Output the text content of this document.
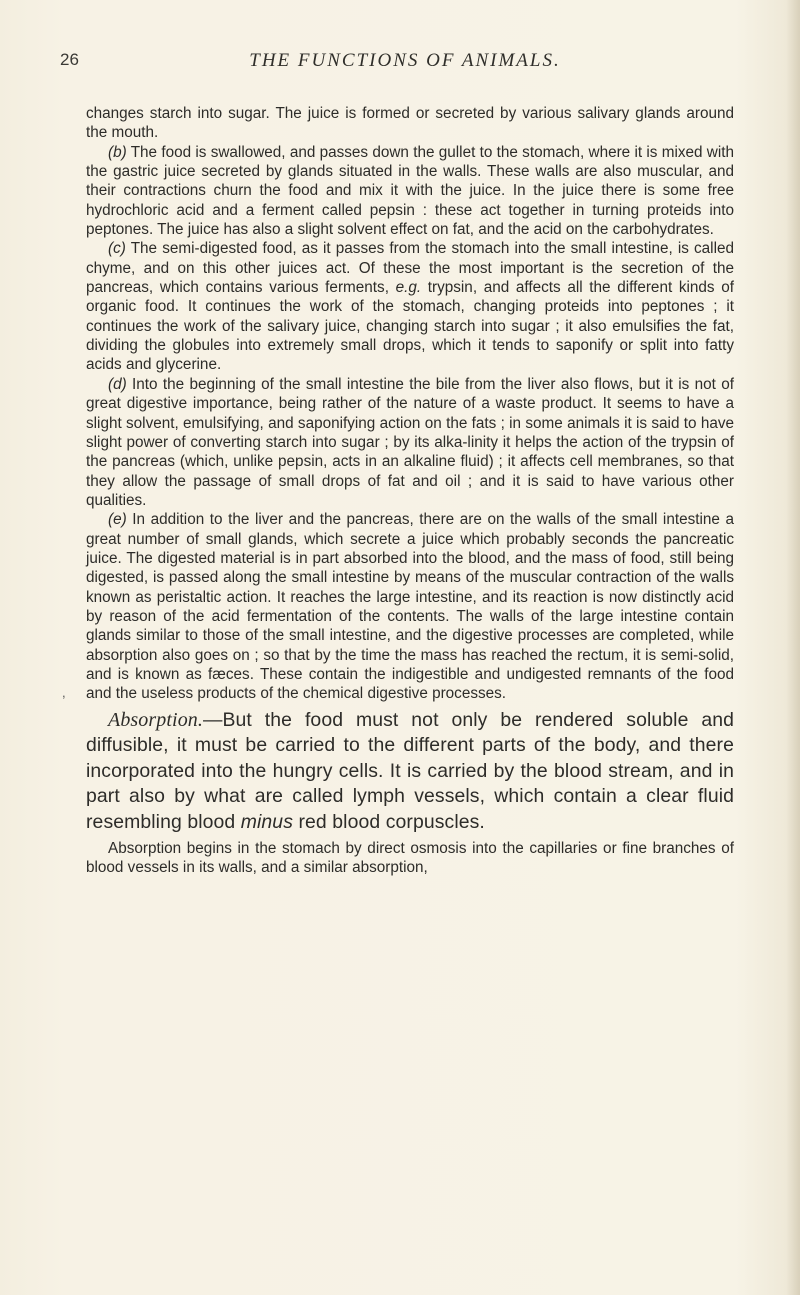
26	THE FUNCTIONS OF ANIMALS.
,

changes starch into sugar. The juice is formed or secreted by various salivary glands around the mouth.

(b) The food is swallowed, and passes down the gullet to the stomach, where it is mixed with the gastric juice secreted by glands situated in the walls. These walls are also muscular, and their contractions churn the food and mix it with the juice. In the juice there is some free hydrochloric acid and a ferment called pepsin : these act together in turning proteids into peptones. The juice has also a slight solvent effect on fat, and the acid on the carbohydrates.

(c) The semi-digested food, as it passes from the stomach into the small intestine, is called chyme, and on this other juices act. Of these the most important is the secretion of the pancreas, which contains various ferments, e.g. trypsin, and affects all the different kinds of organic food. It continues the work of the stomach, changing proteids into peptones ; it continues the work of the salivary juice, changing starch into sugar ; it also emulsifies the fat, dividing the globules into extremely small drops, which it tends to saponify or split into fatty acids and glycerine.

(d) Into the beginning of the small intestine the bile from the liver also flows, but it is not of great digestive importance, being rather of the nature of a waste product. It seems to have a slight solvent, emulsifying, and saponifying action on the fats ; in some animals it is said to have slight power of converting starch into sugar ; by its alka-linity it helps the action of the trypsin of the pancreas (which, unlike pepsin, acts in an alkaline fluid) ; it affects cell membranes, so that they allow the passage of small drops of fat and oil ; and it is said to have various other qualities.

(e) In addition to the liver and the pancreas, there are on the walls of the small intestine a great number of small glands, which secrete a juice which probably seconds the pancreatic juice. The digested material is in part absorbed into the blood, and the mass of food, still being digested, is passed along the small intestine by means of the muscular contraction of the walls known as peristaltic action. It reaches the large intestine, and its reaction is now distinctly acid by reason of the acid fermentation of the contents. The walls of the large intestine contain glands similar to those of the small intestine, and the digestive processes are completed, while absorption also goes on ; so that by the time the mass has reached the rectum, it is semi-solid, and is known as fæces. These contain the indigestible and undigested remnants of the food and the useless products of the chemical digestive processes.

Absorption.—But the food must not only be rendered soluble and diffusible, it must be carried to the different parts of the body, and there incorporated into the hungry cells. It is carried by the blood stream, and in part also by what are called lymph vessels, which contain a clear fluid resembling blood minus red blood corpuscles.

Absorption begins in the stomach by direct osmosis into the capillaries or fine branches of blood vessels in its walls, and a similar absorption,
